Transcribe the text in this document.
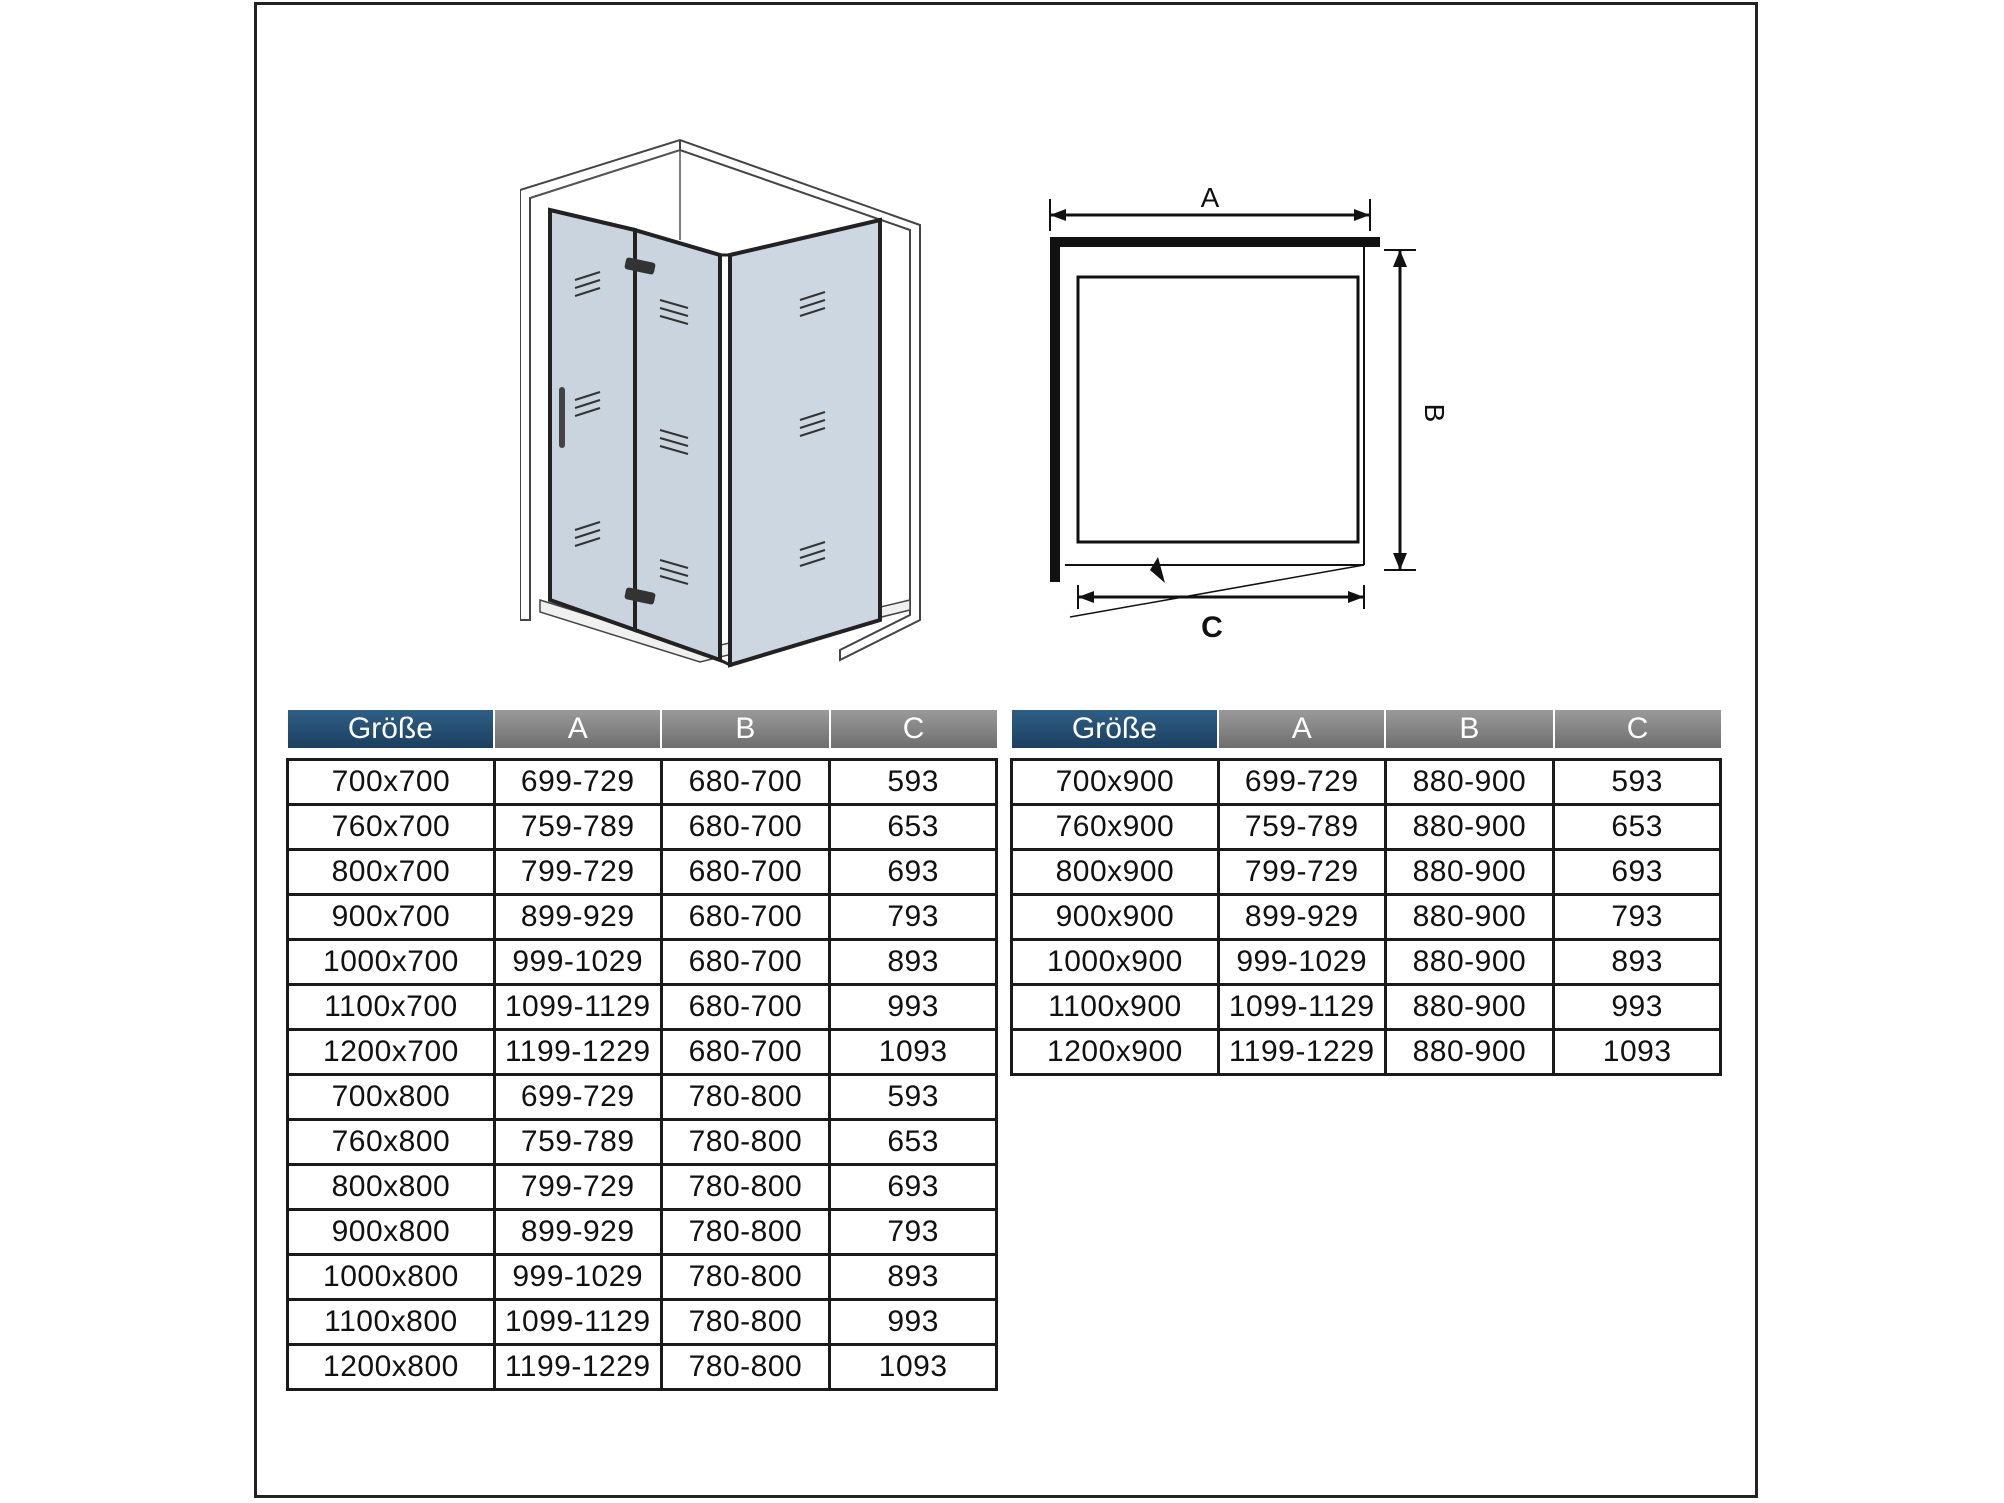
A
B
C
Größe	A	B	C

700x700	699-729	680-700	593
760x700	759-789	680-700	653
800x700	799-729	680-700	693
900x700	899-929	680-700	793
1000x700	999-1029	680-700	893
1100x700	1099-1129	680-700	993
1200x700	1199-1229	680-700	1093
700x800	699-729	780-800	593
760x800	759-789	780-800	653
800x800	799-729	780-800	693
900x800	899-929	780-800	793
1000x800	999-1029	780-800	893
1100x800	1099-1129	780-800	993
1200x800	1199-1229	780-800	1093
Größe	A	B	C

700x900	699-729	880-900	593
760x900	759-789	880-900	653
800x900	799-729	880-900	693
900x900	899-929	880-900	793
1000x900	999-1029	880-900	893
1100x900	1099-1129	880-900	993
1200x900	1199-1229	880-900	1093
